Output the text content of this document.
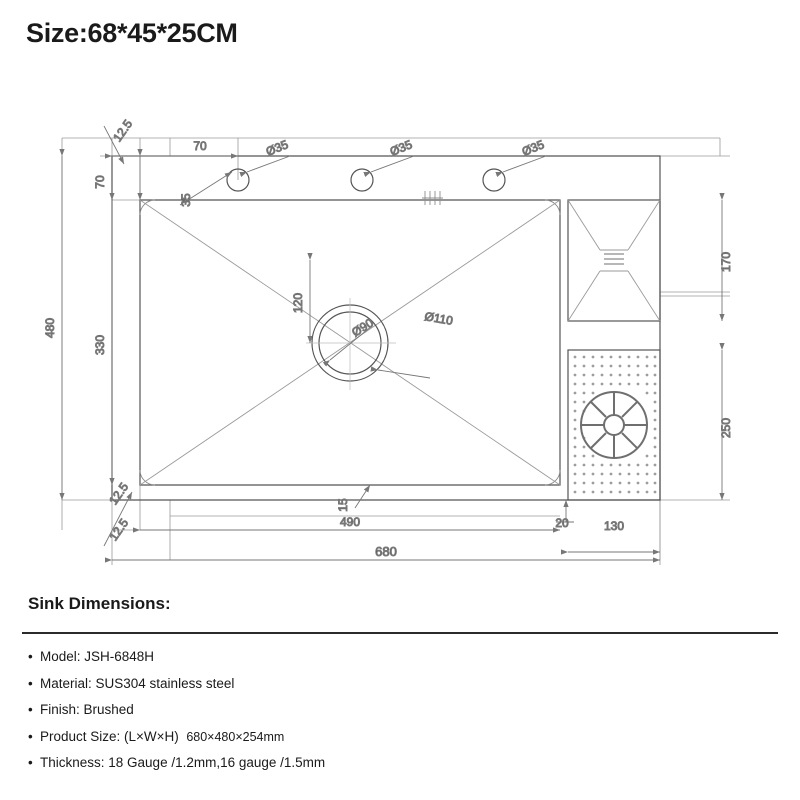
Size:68*45*25CM
70
12.5
70
35
Ø35	Ø35	Ø35
120
Ø90	Ø110
480
330
170
250
15
12.5
12.5	490	20	130
680
Sink Dimensions:
• Model: JSH-6848H
• Material: SUS304 stainless steel
• Finish: Brushed
• Product Size: (L×W×H) 680×480×254mm
• Thickness: 18 Gauge /1.2mm,16 gauge /1.5mm
